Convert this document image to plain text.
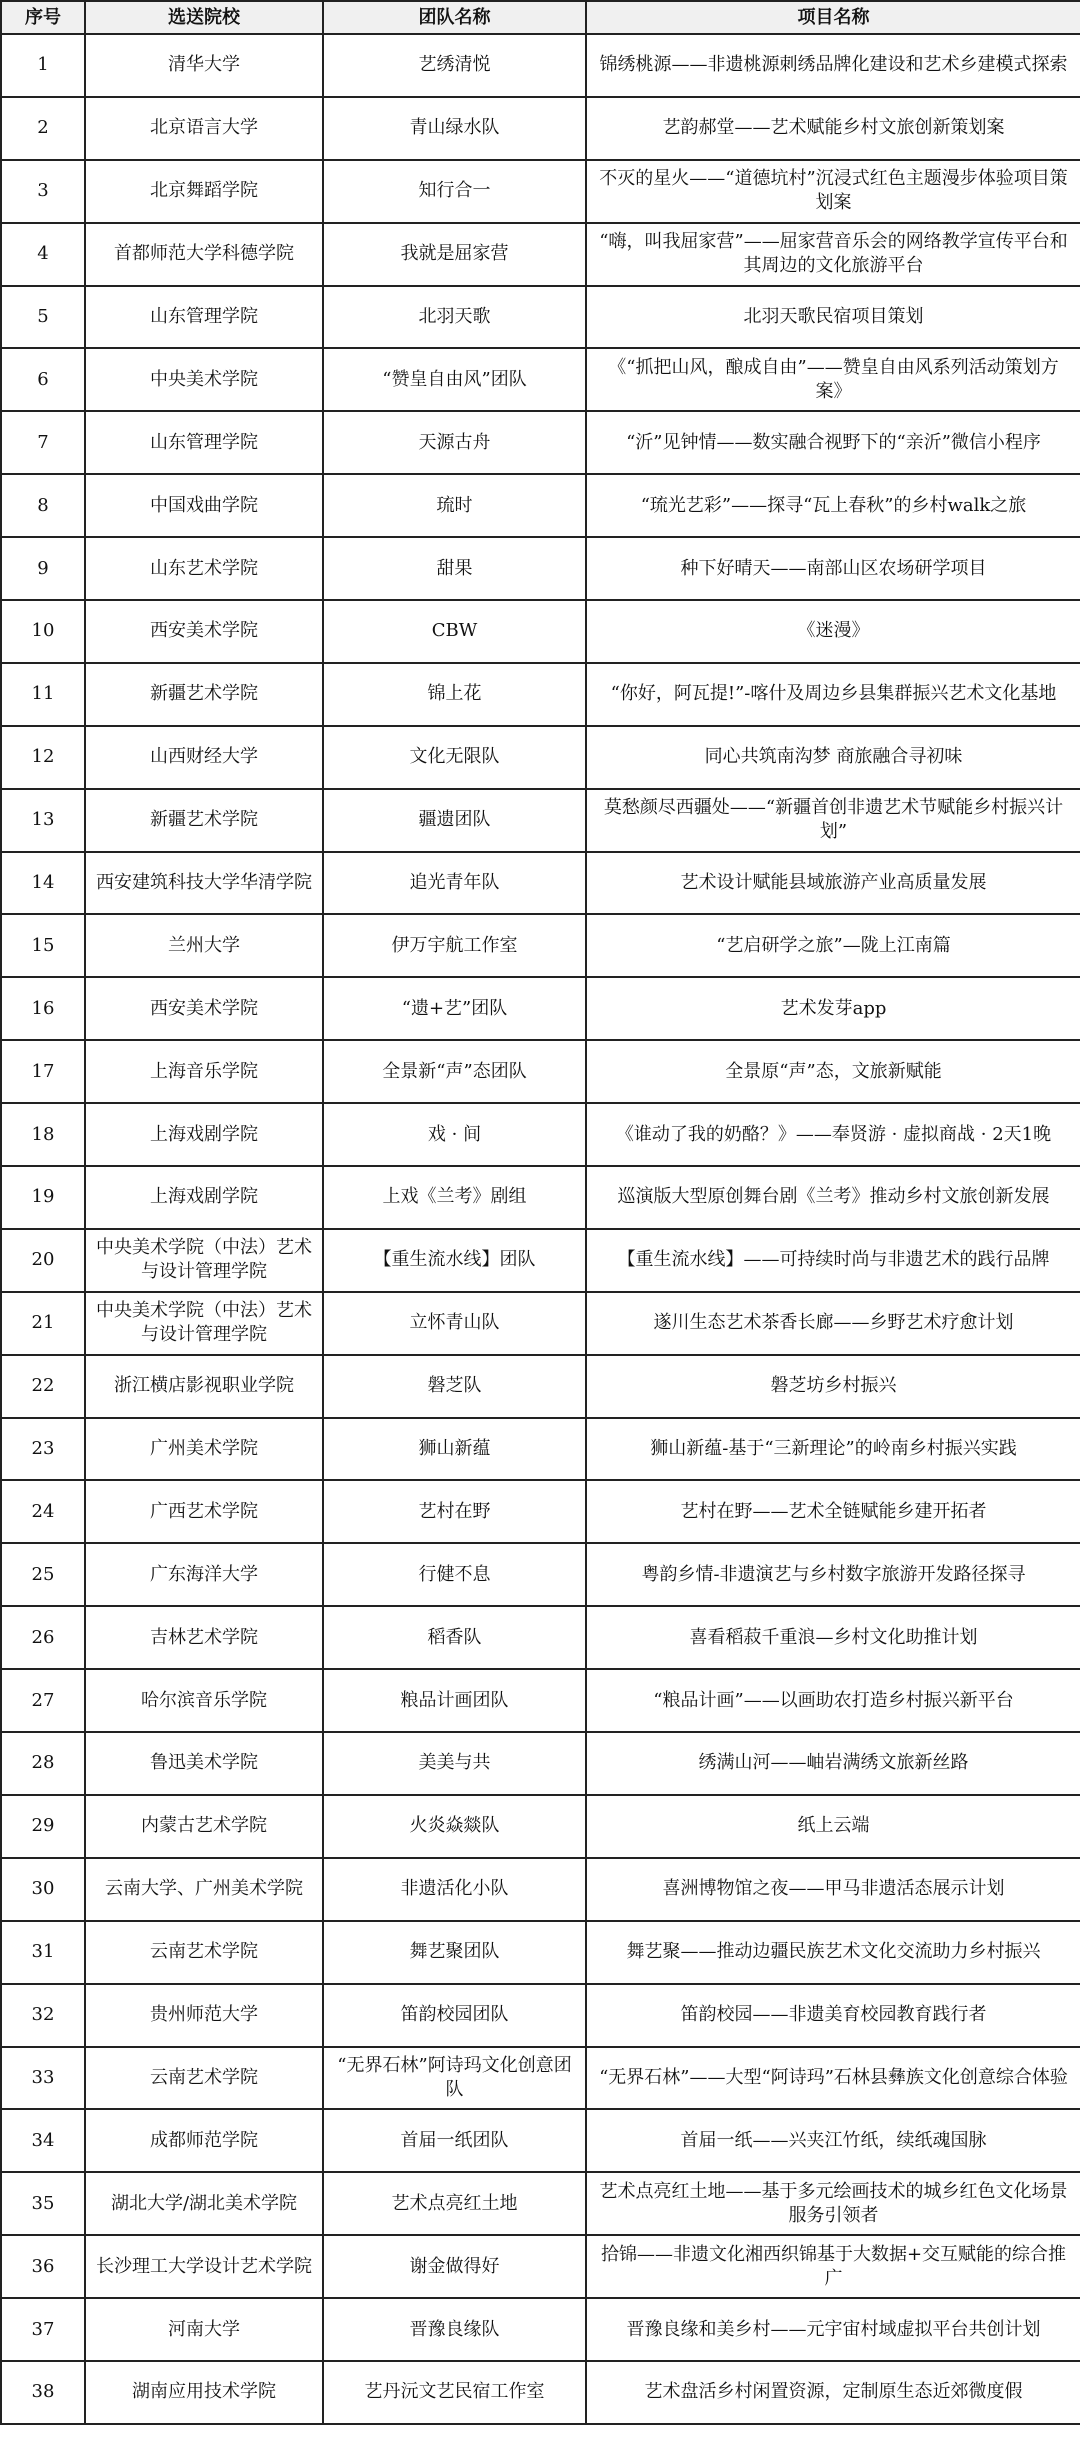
序号	选送院校	团队名称	项目名称
1	清华大学	艺绣清悦	锦绣桃源——非遗桃源刺绣品牌化建设和艺术乡建模式探索
2	北京语言大学	青山绿水队	艺韵郝堂——艺术赋能乡村文旅创新策划案
3	北京舞蹈学院	知行合一	不灭的星火——“道德坑村”沉浸式红色主题漫步体验项目策划案
4	首都师范大学科德学院	我就是屈家营	“嗨，叫我屈家营”——屈家营音乐会的网络教学宣传平台和其周边的文化旅游平台
5	山东管理学院	北羽天歌	北羽天歌民宿项目策划
6	中央美术学院	“赞皇自由风”团队	《“抓把山风，酿成自由”——赞皇自由风系列活动策划方案》
7	山东管理学院	天源古舟	“沂”见钟情——数实融合视野下的“亲沂”微信小程序
8	中国戏曲学院	琉时	“琉光艺彩”——探寻“瓦上春秋”的乡村walk之旅
9	山东艺术学院	甜果	种下好晴天——南部山区农场研学项目
10	西安美术学院	CBW	《迷漫》
11	新疆艺术学院	锦上花	“你好，阿瓦提!”-喀什及周边乡县集群振兴艺术文化基地
12	山西财经大学	文化无限队	同心共筑南沟梦 商旅融合寻初味
13	新疆艺术学院	疆遗团队	莫愁颜尽西疆处——“新疆首创非遗艺术节赋能乡村振兴计划”
14	西安建筑科技大学华清学院	追光青年队	艺术设计赋能县域旅游产业高质量发展
15	兰州大学	伊万宇航工作室	“艺启研学之旅”—陇上江南篇
16	西安美术学院	“遗+艺”团队	艺术发芽app
17	上海音乐学院	全景新“声”态团队	全景原“声”态，文旅新赋能
18	上海戏剧学院	戏 · 间	《谁动了我的奶酪？》——奉贤游 · 虚拟商战 · 2天1晚
19	上海戏剧学院	上戏《兰考》剧组	巡演版大型原创舞台剧《兰考》推动乡村文旅创新发展
20	中央美术学院（中法）艺术与设计管理学院	【重生流水线】团队	【重生流水线】——可持续时尚与非遗艺术的践行品牌
21	中央美术学院（中法）艺术与设计管理学院	立怀青山队	遂川生态艺术茶香长廊——乡野艺术疗愈计划
22	浙江横店影视职业学院	磐芝队	磐芝坊乡村振兴
23	广州美术学院	狮山新蕴	狮山新蕴-基于“三新理论”的岭南乡村振兴实践
24	广西艺术学院	艺村在野	艺村在野——艺术全链赋能乡建开拓者
25	广东海洋大学	行健不息	粤韵乡情-非遗演艺与乡村数字旅游开发路径探寻
26	吉林艺术学院	稻香队	喜看稻菽千重浪—乡村文化助推计划
27	哈尔滨音乐学院	粮品计画团队	“粮品计画”——以画助农打造乡村振兴新平台
28	鲁迅美术学院	美美与共	绣满山河——岫岩满绣文旅新丝路
29	内蒙古艺术学院	火炎焱燚队	纸上云端
30	云南大学、广州美术学院	非遗活化小队	喜洲博物馆之夜——甲马非遗活态展示计划
31	云南艺术学院	舞艺聚团队	舞艺聚——推动边疆民族艺术文化交流助力乡村振兴
32	贵州师范大学	笛韵校园团队	笛韵校园——非遗美育校园教育践行者
33	云南艺术学院	“无界石林”阿诗玛文化创意团队	“无界石林”——大型“阿诗玛”石林县彝族文化创意综合体验
34	成都师范学院	首届一纸团队	首届一纸——兴夹江竹纸，续纸魂国脉
35	湖北大学/湖北美术学院	艺术点亮红土地	艺术点亮红土地——基于多元绘画技术的城乡红色文化场景服务引领者
36	长沙理工大学设计艺术学院	谢金做得好	拾锦——非遗文化湘西织锦基于大数据+交互赋能的综合推广
37	河南大学	晋豫良缘队	晋豫良缘和美乡村——元宇宙村域虚拟平台共创计划
38	湖南应用技术学院	艺丹沅文艺民宿工作室	艺术盘活乡村闲置资源，定制原生态近郊微度假
